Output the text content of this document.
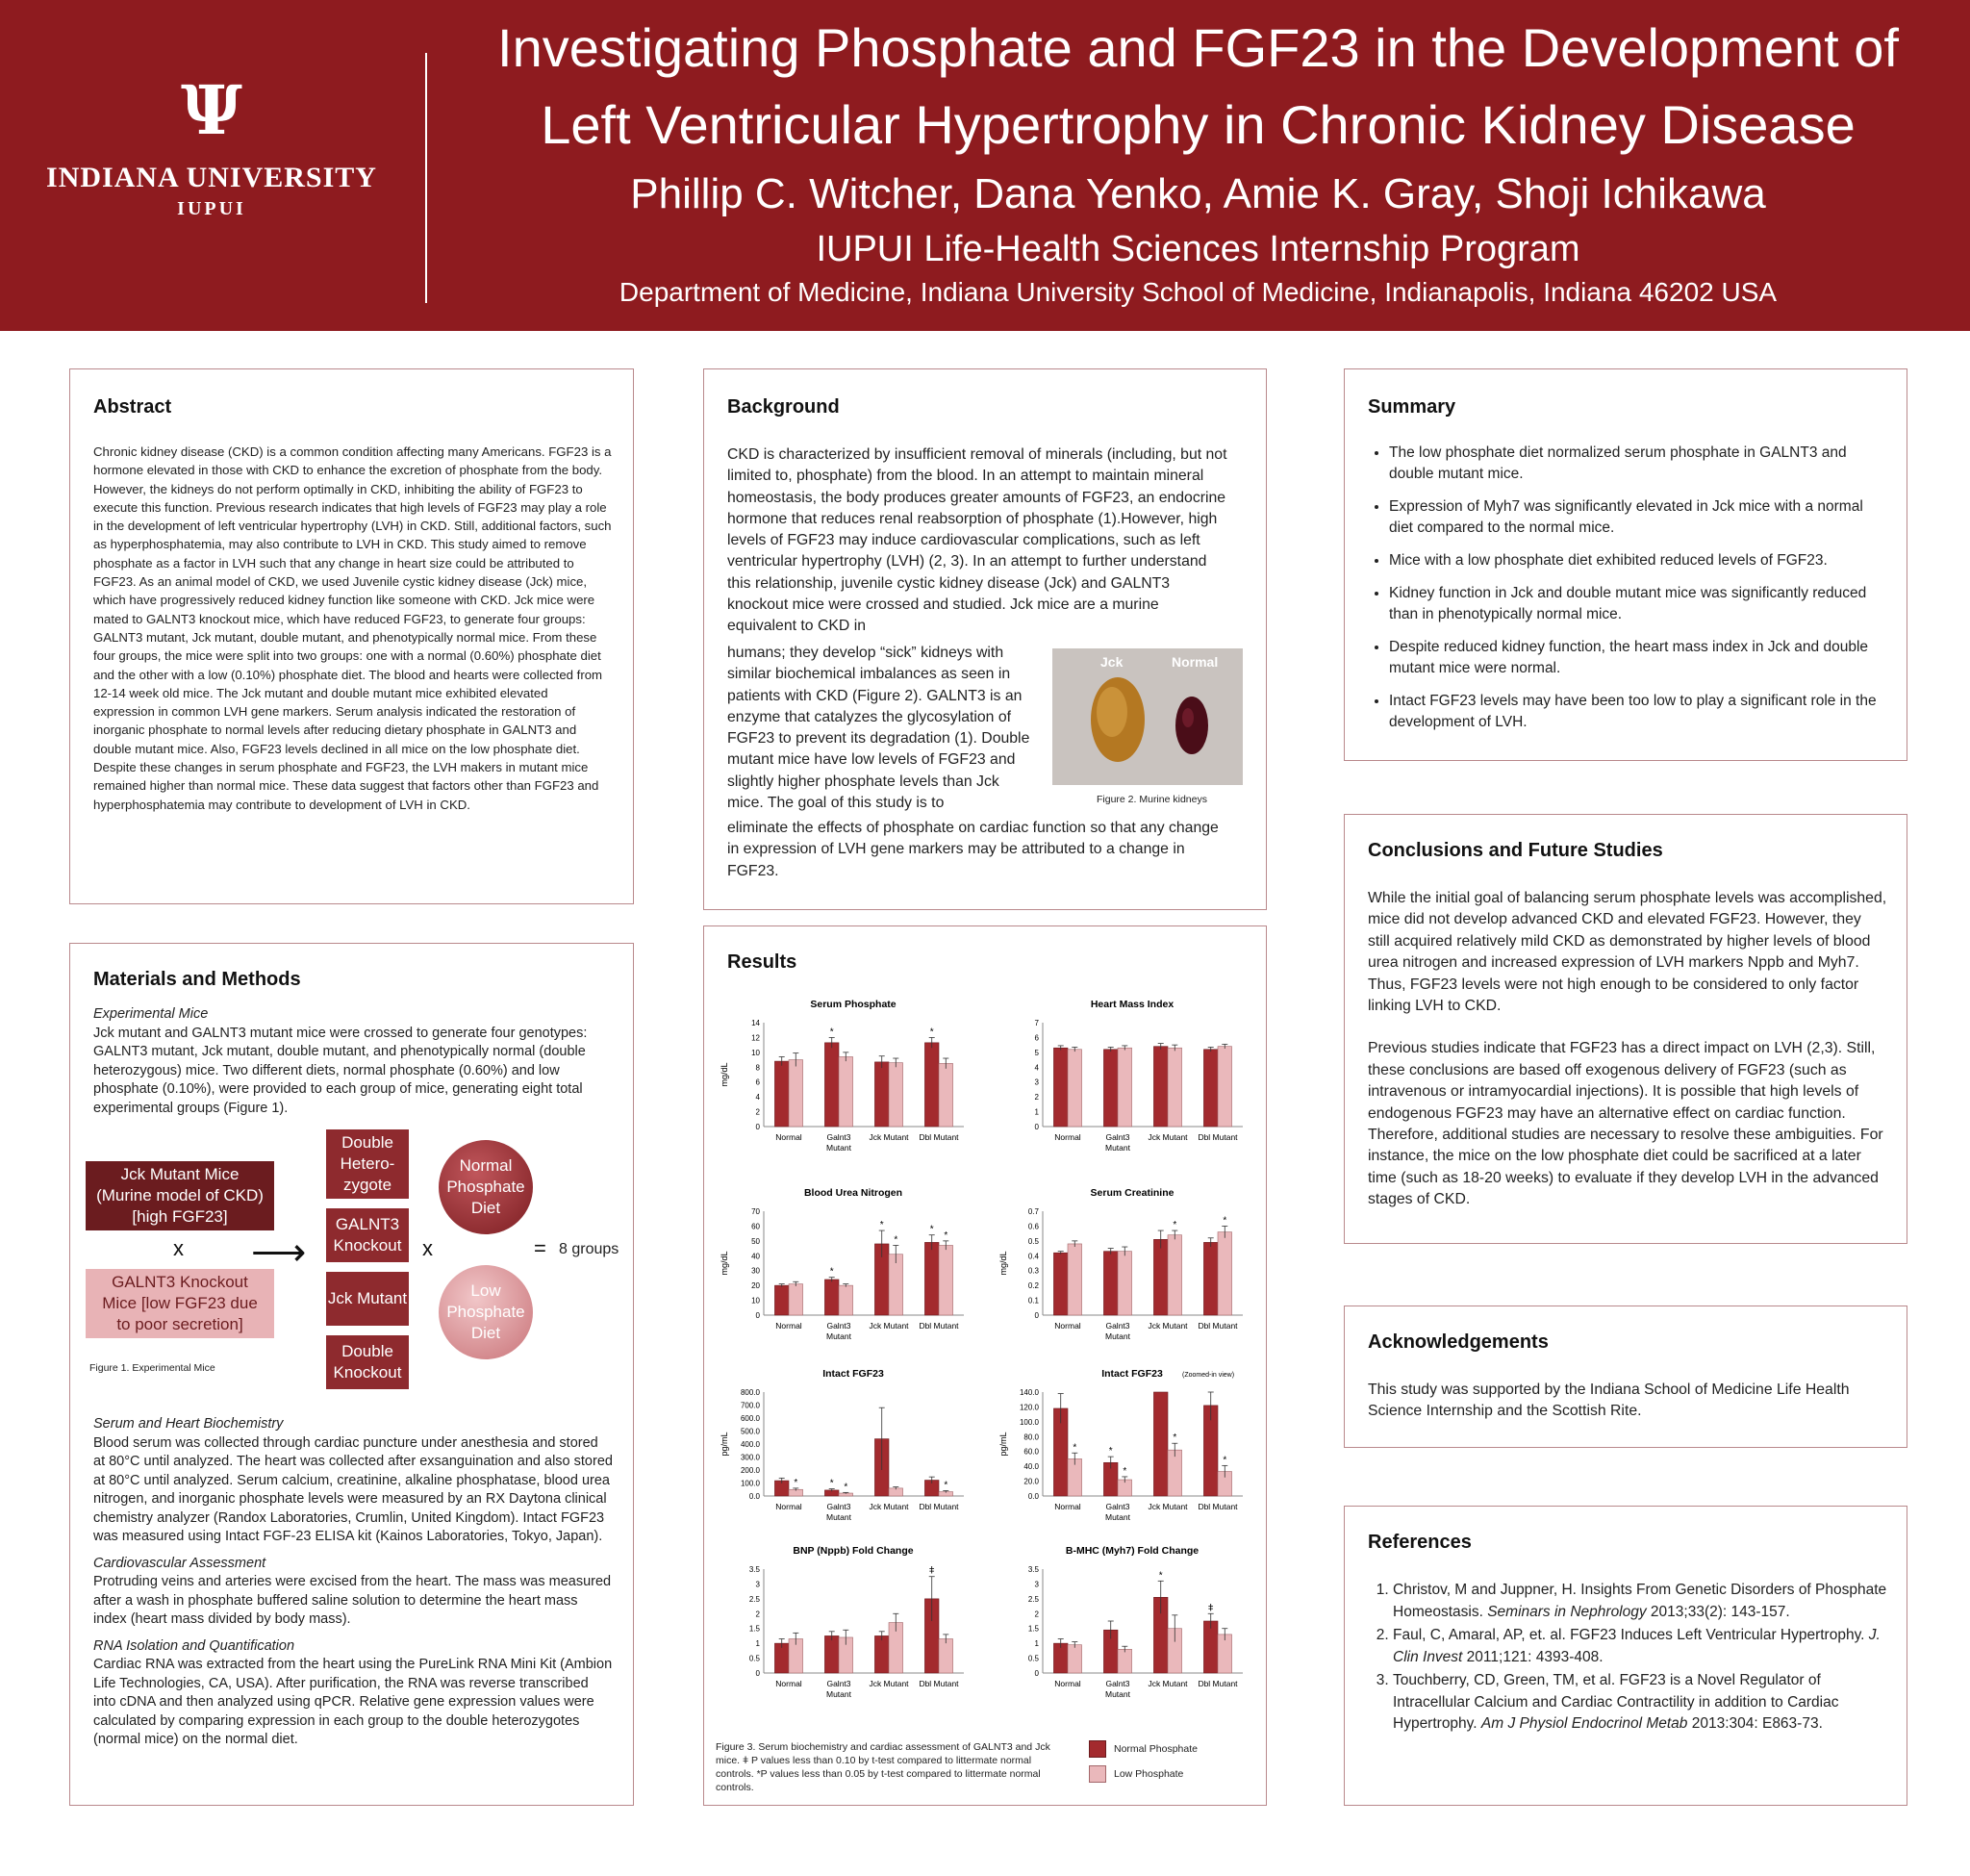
Ψ
INDIANA UNIVERSITY
IUPUI
Investigating Phosphate and FGF23 in the Development of
Left Ventricular Hypertrophy in Chronic Kidney Disease
Phillip C. Witcher, Dana Yenko, Amie K. Gray, Shoji Ichikawa
IUPUI Life-Health Sciences Internship Program
Department of Medicine, Indiana University School of Medicine, Indianapolis, Indiana 46202 USA
Abstract
Chronic kidney disease (CKD) is a common condition affecting many Americans. FGF23 is a hormone elevated in those with CKD to enhance the excretion of phosphate from the body. However, the kidneys do not perform optimally in CKD, inhibiting the ability of FGF23 to execute this function. Previous research indicates that high levels of FGF23 may play a role in the development of left ventricular hypertrophy (LVH) in CKD. Still, additional factors, such as hyperphosphatemia, may also contribute to LVH in CKD. This study aimed to remove phosphate as a factor in LVH such that any change in heart size could be attributed to FGF23. As an animal model of CKD, we used Juvenile cystic kidney disease (Jck) mice, which have progressively reduced kidney function like someone with CKD. Jck mice were mated to GALNT3 knockout mice, which have reduced FGF23, to generate four groups: GALNT3 mutant, Jck mutant, double mutant, and phenotypically normal mice. From these four groups, the mice were split into two groups: one with a normal (0.60%) phosphate diet and the other with a low (0.10%) phosphate diet. The blood and hearts were collected from 12-14 week old mice. The Jck mutant and double mutant mice exhibited elevated expression in common LVH gene markers. Serum analysis indicated the restoration of inorganic phosphate to normal levels after reducing dietary phosphate in GALNT3 and double mutant mice. Also, FGF23 levels declined in all mice on the low phosphate diet. Despite these changes in serum phosphate and FGF23, the LVH makers in mutant mice remained higher than normal mice. These data suggest that factors other than FGF23 and hyperphosphatemia may contribute to development of LVH in CKD.
Materials and Methods
Experimental Mice
Jck mutant and GALNT3 mutant mice were crossed to generate four genotypes: GALNT3 mutant, Jck mutant, double mutant, and phenotypically normal (double heterozygous) mice. Two different diets, normal phosphate (0.60%) and low phosphate (0.10%), were provided to each group of mice, generating eight total experimental groups (Figure 1).
Jck Mutant Mice (Murine model of CKD) [high FGF23]
x
GALNT3 Knockout Mice [low FGF23 due to poor secretion]
⟶
Double Hetero-zygote
GALNT3 Knockout
Jck Mutant
Double Knockout
x
Normal Phosphate Diet
Low Phosphate Diet
= 8 groups
Figure 1. Experimental Mice
Serum and Heart Biochemistry
Blood serum was collected through cardiac puncture under anesthesia and stored at 80°C until analyzed. The heart was collected after exsanguination and also stored at 80°C until analyzed. Serum calcium, creatinine, alkaline phosphatase, blood urea nitrogen, and inorganic phosphate levels were measured by an RX Daytona clinical chemistry analyzer (Randox Laboratories, Crumlin, United Kingdom). Intact FGF23 was measured using Intact FGF-23 ELISA kit (Kainos Laboratories, Tokyo, Japan).
Cardiovascular Assessment
Protruding veins and arteries were excised from the heart. The mass was measured after a wash in phosphate buffered saline solution to determine the heart mass index (heart mass divided by body mass).
RNA Isolation and Quantification
Cardiac RNA was extracted from the heart using the PureLink RNA Mini Kit (Ambion Life Technologies, CA, USA). After purification, the RNA was reverse transcribed into cDNA and then analyzed using qPCR. Relative gene expression values were calculated by comparing expression in each group to the double heterozygotes (normal mice) on the normal diet.
Background
CKD is characterized by insufficient removal of minerals (including, but not limited to, phosphate) from the blood. In an attempt to maintain mineral homeostasis, the body produces greater amounts of FGF23, an endocrine hormone that reduces renal reabsorption of phosphate (1).However, high levels of FGF23 may induce cardiovascular complications, such as left ventricular hypertrophy (LVH) (2, 3). In an attempt to further understand this relationship, juvenile cystic kidney disease (Jck) and GALNT3 knockout mice were crossed and studied. Jck mice are a murine equivalent to CKD in
humans; they develop “sick” kidneys with similar biochemical imbalances as seen in patients with CKD (Figure 2). GALNT3 is an enzyme that catalyzes the glycosylation of FGF23 to prevent its degradation (1). Double mutant mice have low levels of FGF23 and slightly higher phosphate levels than Jck mice. The goal of this study is to
eliminate the effects of phosphate on cardiac function so that any change in expression of LVH gene markers may be attributed to a change in FGF23.
Jck	Normal
Figure 2. Murine kidneys
Results
Serum Phosphate
0
2
4
6
8
10
12
14
mg/dL
Normal
*
Galnt3
Mutant
Jck Mutant
*
Dbl Mutant
Heart Mass Index
0
1
2
3
4
5
6
7
Normal	Galnt3
Mutant
Jck Mutant Dbl Mutant
Blood Urea Nitrogen
0
10
20
30
40
50
60
70
mg/dL
Normal
*
Galnt3
Mutant
*
*
Jck Mutant
*
*
Dbl Mutant
Serum Creatinine
0
0.1
0.2
0.3
0.4
0.5
0.6
0.7
mg/dL
Normal	Galnt3
Mutant
*
Jck Mutant
*
Dbl Mutant
Intact FGF23
0.0
100.0
200.0
300.0
400.0
500.0
600.0
700.0
800.0
pg/mL
*
Normal
* *
Galnt3
Mutant
Jck Mutant
*
Dbl Mutant
Intact FGF23	(Zoomed-in view)
0.0
20.0
40.0
60.0
80.0
100.0
120.0
140.0
pg/mL	*
Normal
*
*
Galnt3
Mutant
*
Jck Mutant
*
Dbl Mutant
BNP (Nppb) Fold Change
0
0.5
1
1.5
2
2.5
3
3.5
Normal	Galnt3
Mutant
Jck Mutant
ǂ
Dbl Mutant
B-MHC (Myh7) Fold Change
0
0.5
1
1.5
2
2.5
3
3.5
Normal	Galnt3
Mutant
*
Jck Mutant
ǂ
Dbl Mutant
Figure 3. Serum biochemistry and cardiac assessment of GALNT3 and Jck mice. ǂ P values less than 0.10 by t-test compared to littermate normal controls. *P values less than 0.05 by t-test compared to littermate normal controls.
Normal Phosphate
Low Phosphate
Summary
• The low phosphate diet normalized serum phosphate in GALNT3 and double mutant mice.
• Expression of Myh7 was significantly elevated in Jck mice with a normal diet compared to the normal mice.
• Mice with a low phosphate diet exhibited reduced levels of FGF23.
• Kidney function in Jck and double mutant mice was significantly reduced than in phenotypically normal mice.
• Despite reduced kidney function, the heart mass index in Jck and double mutant mice were normal.
• Intact FGF23 levels may have been too low to play a significant role in the development of LVH.
Conclusions and Future Studies
While the initial goal of balancing serum phosphate levels was accomplished, mice did not develop advanced CKD and elevated FGF23. However, they still acquired relatively mild CKD as demonstrated by higher levels of blood urea nitrogen and increased expression of LVH markers Nppb and Myh7. Thus, FGF23 levels were not high enough to be considered to only factor linking LVH to CKD.
Previous studies indicate that FGF23 has a direct impact on LVH (2,3). Still, these conclusions are based off exogenous delivery of FGF23 (such as intravenous or intramyocardial injections). It is possible that high levels of endogenous FGF23 may have an alternative effect on cardiac function. Therefore, additional studies are necessary to resolve these ambiguities. For instance, the mice on the low phosphate diet could be sacrificed at a later time (such as 18-20 weeks) to evaluate if they develop LVH in the advanced stages of CKD.
Acknowledgements
This study was supported by the Indiana School of Medicine Life Health Science Internship and the Scottish Rite.
References
1. Christov, M and Juppner, H. Insights From Genetic Disorders of Phosphate Homeostasis. Seminars in Nephrology 2013;33(2): 143-157.
2. Faul, C, Amaral, AP, et. al. FGF23 Induces Left Ventricular Hypertrophy. J. Clin Invest 2011;121: 4393-408.
3. Touchberry, CD, Green, TM, et al. FGF23 is a Novel Regulator of Intracellular Calcium and Cardiac Contractility in addition to Cardiac Hypertrophy. Am J Physiol Endocrinol Metab 2013:304: E863-73.
